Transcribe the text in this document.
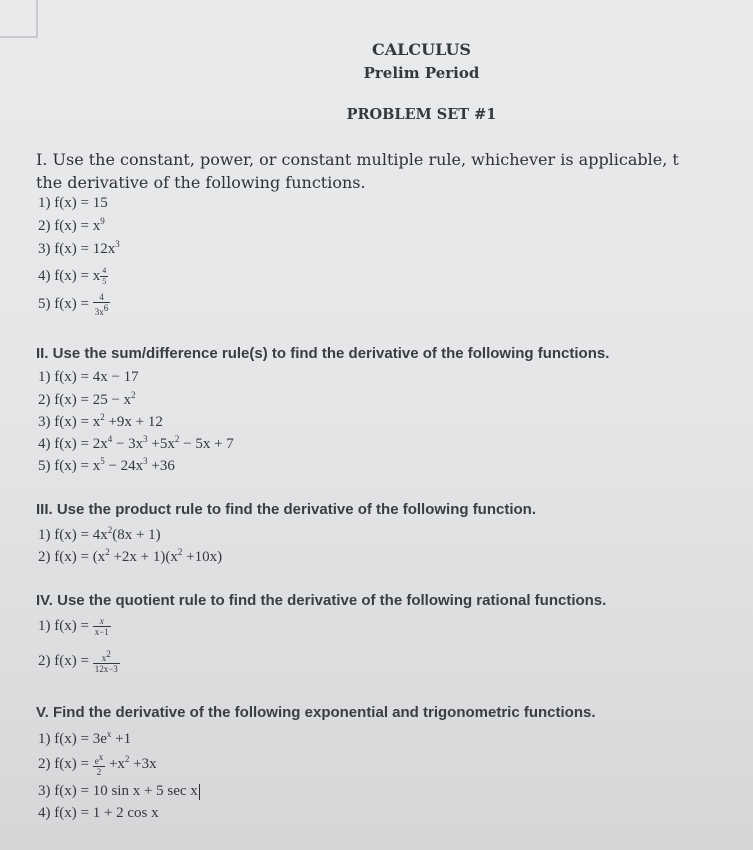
CALCULUS
Prelim Period
PROBLEM SET #1
I. Use the constant, power, or constant multiple rule, whichever is applicable, t
the derivative of the following functions.
1) f(x) = 15
2) $f(x) = x^9$
3) $f(x) = 12x^3$
4) f(x) = x $\frac{4}{5}$
5) $f(x) = \frac{4}{3x^6}$
II. Use the sum/difference rule(s) to find the derivative of the following functions.
1) f(x) = 4x − 17
2) $f(x) = 25 - x^2$
3) $f(x) = x^2 +9x + 12$
4) $f(x) = 2x^4 - 3x^3 +5x^2 - 5x + 7$
5) $f(x) = x^5 - 24x^3 +36$
III. Use the product rule to find the derivative of the following function.
1) $f(x) = 4x^2(8x + 1)$
2) $f(x) = (x^2 +2x + 1)(x^2 +10x)$
IV. Use the quotient rule to find the derivative of the following rational functions.
1) $f(x) = \frac{x}{x-1}$
2) $f(x) = \frac{x^2}{12x-3}$
V. Find the derivative of the following exponential and trigonometric functions.
1) $f(x) = 3e^x +1$
2) $f(x) = \frac{e^x}{2} +x^2 +3x$
3) f(x) = 10 sin x + 5 sec x
4) f(x) = 1 + 2 cos x
